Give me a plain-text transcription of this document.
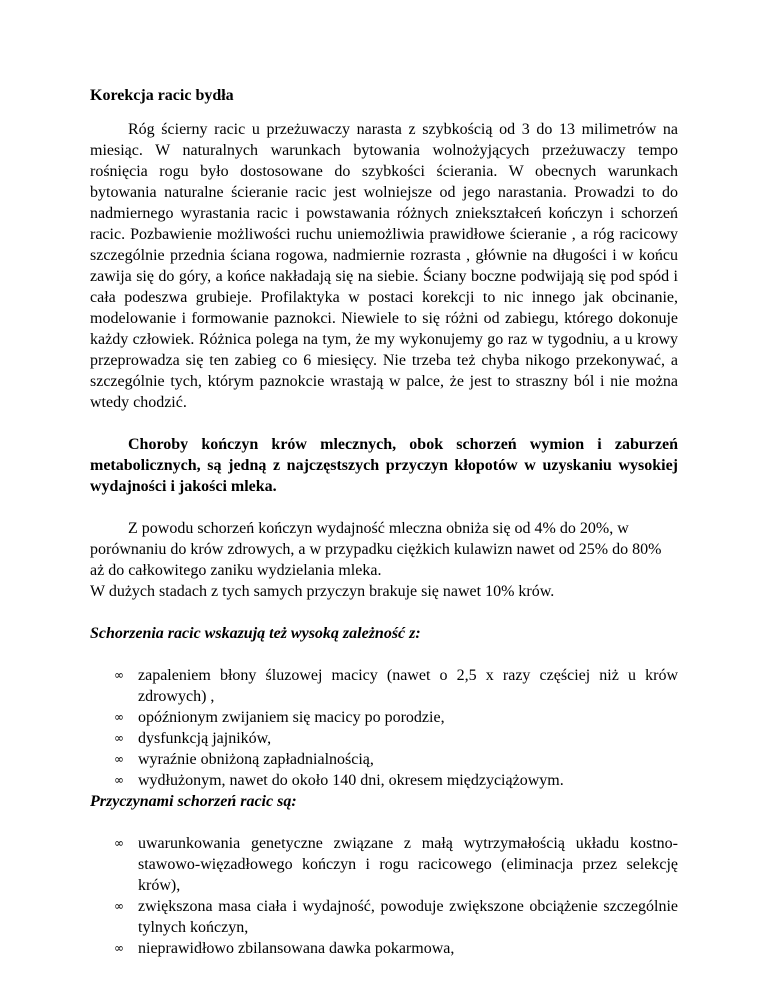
Korekcja racic bydła

Róg ścierny racic u przeżuwaczy narasta z szybkością od 3 do 13 milimetrów na miesiąc. W naturalnych warunkach bytowania wolnożyjących przeżuwaczy tempo rośnięcia rogu było dostosowane do szybkości ścierania. W obecnych warunkach bytowania naturalne ścieranie racic jest wolniejsze od jego narastania. Prowadzi to do nadmiernego wyrastania racic i powstawania różnych zniekształceń kończyn i schorzeń racic. Pozbawienie możliwości ruchu uniemożliwia prawidłowe ścieranie , a róg racicowy szczególnie przednia ściana rogowa, nadmiernie rozrasta , głównie na długości i w końcu zawija się do góry, a końce nakładają się na siebie. Ściany boczne podwijają się pod spód i cała podeszwa grubieje. Profilaktyka w postaci korekcji to nic innego jak obcinanie, modelowanie i formowanie paznokci. Niewiele to się różni od zabiegu, którego dokonuje każdy człowiek. Różnica polega na tym, że my wykonujemy go raz w tygodniu, a u krowy przeprowadza się ten zabieg co 6 miesięcy. Nie trzeba też chyba nikogo przekonywać, a szczególnie tych, którym paznokcie wrastają w palce, że jest to straszny ból i nie można wtedy chodzić.

Choroby kończyn krów mlecznych, obok schorzeń wymion i zaburzeń metabolicznych, są jedną z najczęstszych przyczyn kłopotów w uzyskaniu wysokiej wydajności i jakości mleka.

Z powodu schorzeń kończyn wydajność mleczna obniża się od 4% do 20%, w porównaniu do krów zdrowych, a w przypadku ciężkich kulawizn nawet od 25% do 80% aż do całkowitego zaniku wydzielania mleka.

W dużych stadach z tych samych przyczyn brakuje się nawet 10% krów.

Schorzenia racic wskazują też wysoką zależność z:

∞ zapaleniem błony śluzowej macicy (nawet o 2,5 x razy częściej niż u krów zdrowych) ,
∞ opóźnionym zwijaniem się macicy po porodzie,
∞ dysfunkcją jajników,
∞ wyraźnie obniżoną zapładnialnością,
∞ wydłużonym, nawet do około 140 dni, okresem międzyciążowym.

Przyczynami schorzeń racic są:

∞ uwarunkowania genetyczne związane z małą wytrzymałością układu kostno-stawowo-więzadłowego kończyn i rogu racicowego (eliminacja przez selekcję krów),
∞ zwiększona masa ciała i wydajność, powoduje zwiększone obciążenie szczególnie tylnych kończyn,
∞ nieprawidłowo zbilansowana dawka pokarmowa,
